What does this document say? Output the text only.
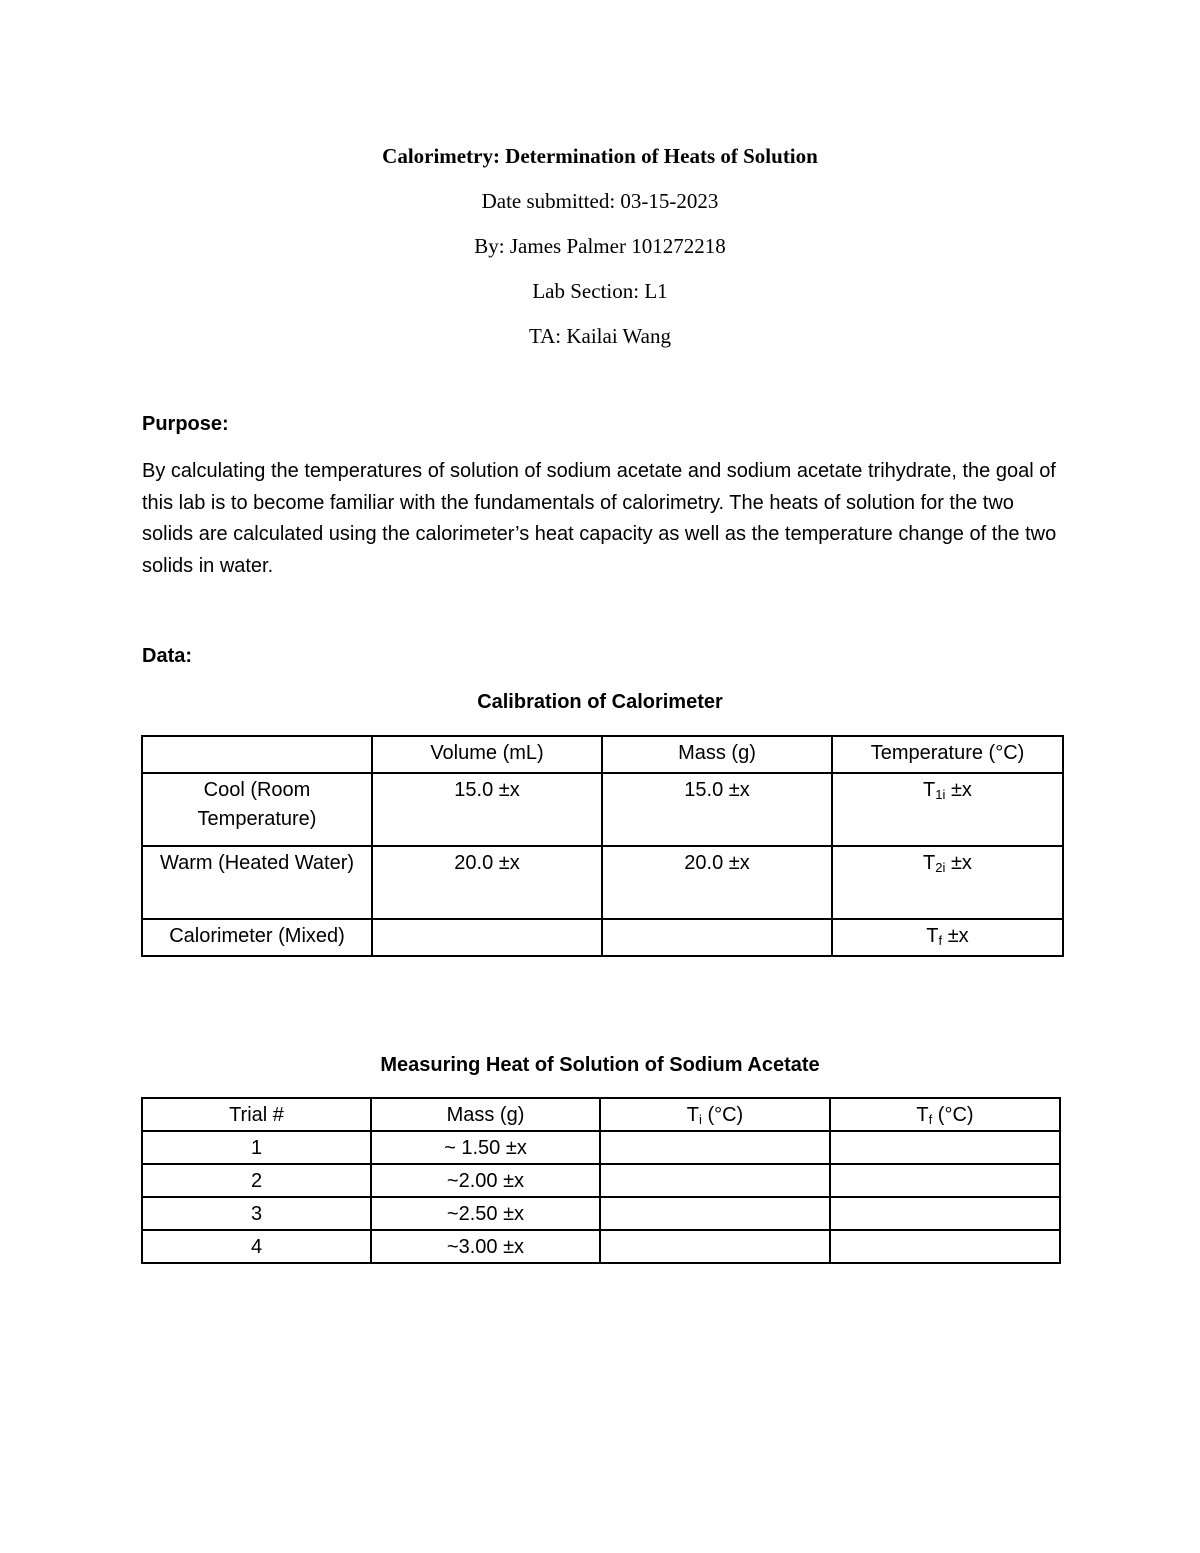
Calorimetry: Determination of Heats of Solution
Date submitted: 03-15-2023
By: James Palmer 101272218
Lab Section: L1
TA: Kailai Wang
Purpose:
By calculating the temperatures of solution of sodium acetate and sodium acetate trihydrate, the goal of this lab is to become familiar with the fundamentals of calorimetry. The heats of solution for the two solids are calculated using the calorimeter’s heat capacity as well as the temperature change of the two solids in water.
Data:
Calibration of Calorimeter
	Volume (mL)	Mass (g)	Temperature (°C)
Cool (Room Temperature)	15.0 ±x	15.0 ±x	$T_{1i} \pm x$
Warm (Heated Water)	20.0 ±x	20.0 ±x	$T_{2i} \pm x$
Calorimeter (Mixed)			$T_f \pm x$
Measuring Heat of Solution of Sodium Acetate
Trial #	Mass (g)	$T_i$ (°C)	$T_f$ (°C)
1	~ 1.50 ±x		
2	~2.00 ±x		
3	~2.50 ±x		
4	~3.00 ±x		
